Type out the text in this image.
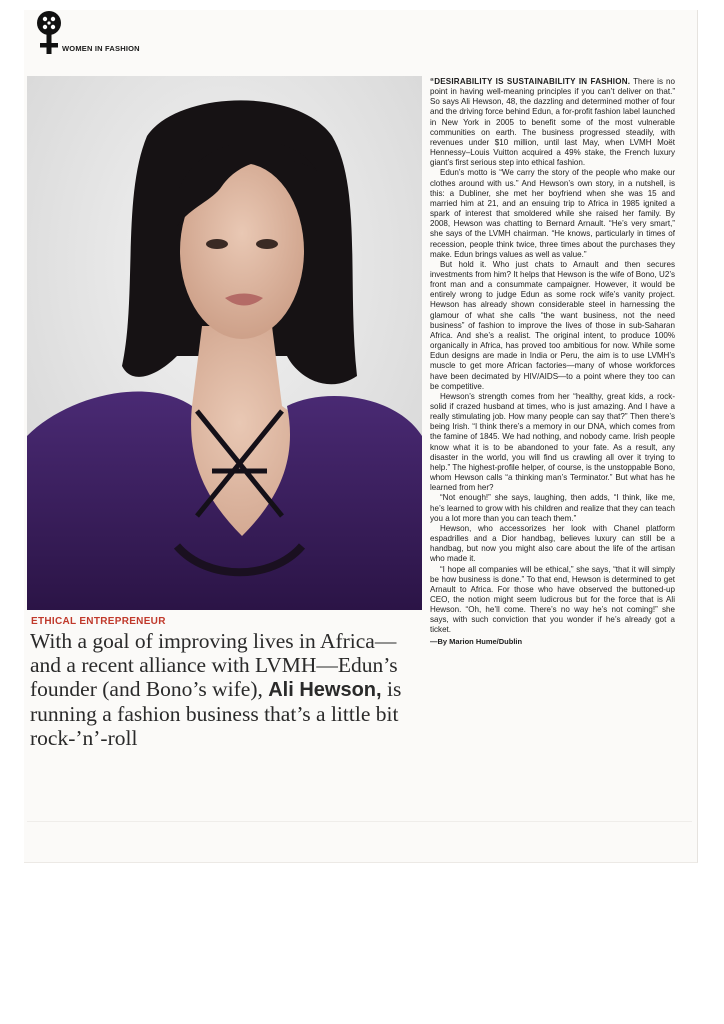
WOMEN IN FASHION
ETHICAL ENTREPRENEUR
With a goal of improving lives in Africa—and a recent alliance with LVMH—Edun’s founder (and Bono’s wife), Ali Hewson, is running a fashion business that’s a little bit rock-’n’-roll

“DESIRABILITY IS SUSTAINABILITY IN FASHION. There is no point in having well-meaning principles if you can’t deliver on that.” So says Ali Hewson, 48, the dazzling and determined mother of four and the driving force behind Edun, a for-profit fashion label launched in New York in 2005 to benefit some of the most vulnerable communities on earth. The business progressed steadily, with revenues under $10 million, until last May, when LVMH Moët Hennessy–Louis Vuitton acquired a 49% stake, the French luxury giant’s first serious step into ethical fashion.

Edun’s motto is “We carry the story of the people who make our clothes around with us.” And Hewson’s own story, in a nutshell, is this: a Dubliner, she met her boyfriend when she was 15 and married him at 21, and an ensuing trip to Africa in 1985 ignited a spark of interest that smoldered while she raised her family. By 2008, Hewson was chatting to Bernard Arnault. “He’s very smart,” she says of the LVMH chairman. “He knows, particularly in times of recession, people think twice, three times about the purchases they make. Edun brings values as well as value.”

But hold it. Who just chats to Arnault and then secures investments from him? It helps that Hewson is the wife of Bono, U2’s front man and a consummate campaigner. However, it would be entirely wrong to judge Edun as some rock wife’s vanity project. Hewson has already shown considerable steel in harnessing the glamour of what she calls “the want business, not the need business” of fashion to improve the lives of those in sub-Saharan Africa. And she’s a realist. The original intent, to produce 100% organically in Africa, has proved too ambitious for now. While some Edun designs are made in India or Peru, the aim is to use LVMH’s muscle to get more African factories—many of whose workforces have been decimated by HIV/AIDS—to a point where they too can be competitive.

Hewson’s strength comes from her “healthy, great kids, a rock-solid if crazed husband at times, who is just amazing. And I have a really stimulating job. How many people can say that?” Then there’s being Irish. “I think there’s a memory in our DNA, which comes from the famine of 1845. We had nothing, and nobody came. Irish people know what it is to be abandoned to your fate. As a result, any disaster in the world, you will find us crawling all over it trying to help.” The highest-profile helper, of course, is the unstoppable Bono, whom Hewson calls “a thinking man’s Terminator.” But what has he learned from her?

“Not enough!” she says, laughing, then adds, “I think, like me, he’s learned to grow with his children and realize that they can teach you a lot more than you can teach them.”

Hewson, who accessorizes her look with Chanel platform espadrilles and a Dior handbag, believes luxury can still be a handbag, but now you might also care about the life of the artisan who made it.

“I hope all companies will be ethical,” she says, “that it will simply be how business is done.” To that end, Hewson is determined to get Arnault to Africa. For those who have observed the buttoned-up CEO, the notion might seem ludicrous but for the force that is Ali Hewson. “Oh, he’ll come. There’s no way he’s not coming!” she says, with such conviction that you wonder if he’s already got a ticket.

—By Marion Hume/Dublin
